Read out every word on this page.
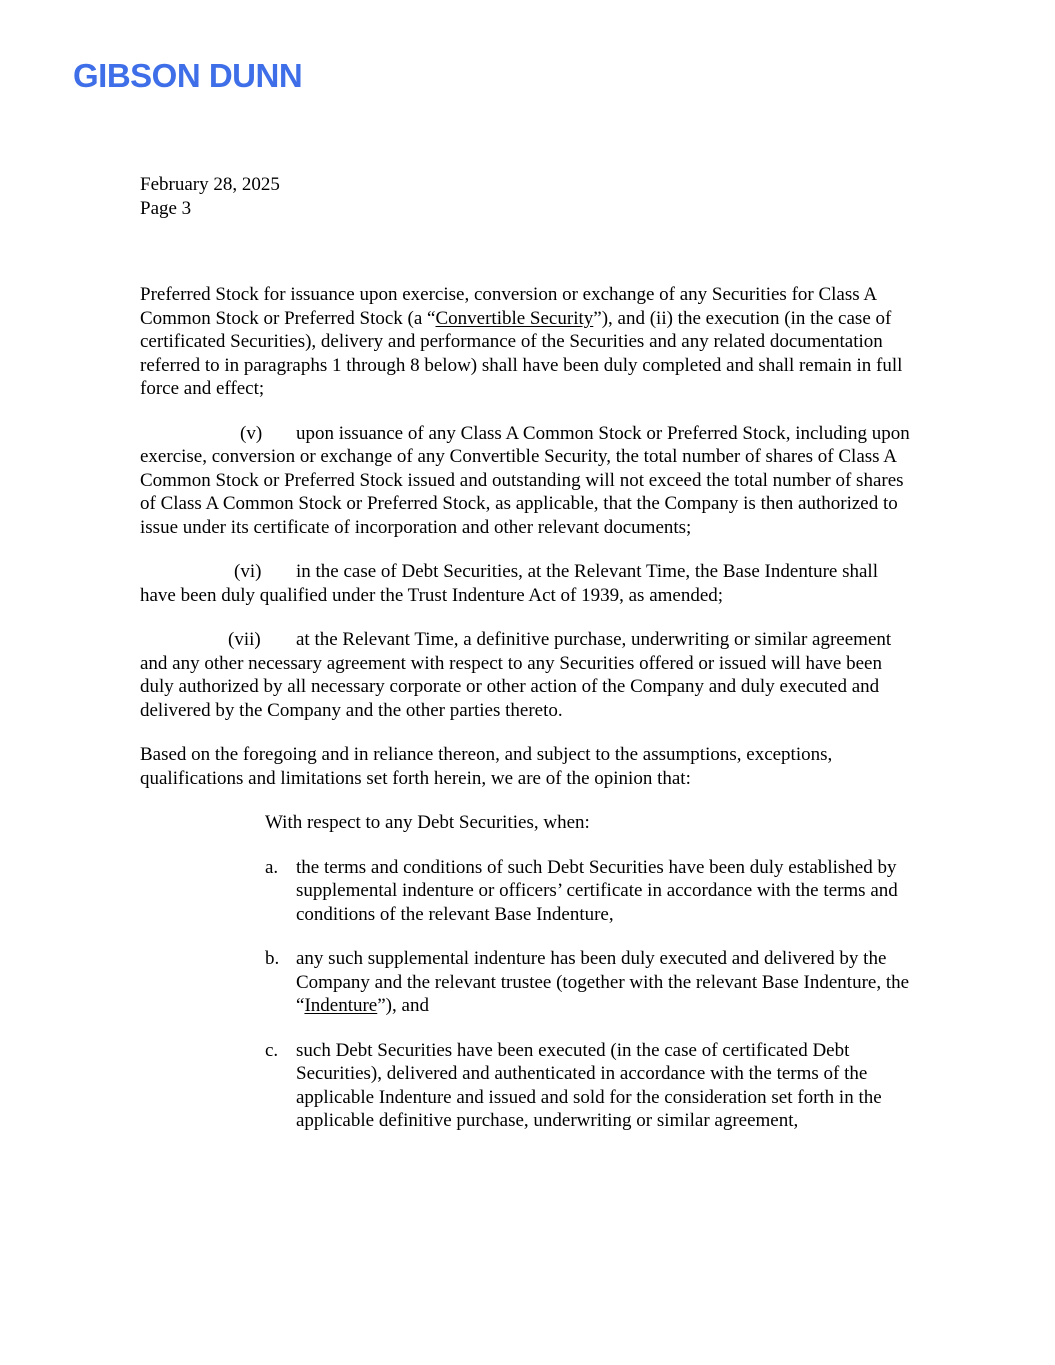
GIBSON DUNN
February 28, 2025
Page 3

Preferred Stock for issuance upon exercise, conversion or exchange of any Securities for Class A Common Stock or Preferred Stock (a “Convertible Security”), and (ii) the execution (in the case of certificated Securities), delivery and performance of the Securities and any related documentation referred to in paragraphs 1 through 8 below) shall have been duly completed and shall remain in full force and effect;

(v) upon issuance of any Class A Common Stock or Preferred Stock, including upon exercise, conversion or exchange of any Convertible Security, the total number of shares of Class A Common Stock or Preferred Stock issued and outstanding will not exceed the total number of shares of Class A Common Stock or Preferred Stock, as applicable, that the Company is then authorized to issue under its certificate of incorporation and other relevant documents;

(vi) in the case of Debt Securities, at the Relevant Time, the Base Indenture shall have been duly qualified under the Trust Indenture Act of 1939, as amended;

(vii) at the Relevant Time, a definitive purchase, underwriting or similar agreement and any other necessary agreement with respect to any Securities offered or issued will have been duly authorized by all necessary corporate or other action of the Company and duly executed and delivered by the Company and the other parties thereto.

Based on the foregoing and in reliance thereon, and subject to the assumptions, exceptions, qualifications and limitations set forth herein, we are of the opinion that:

With respect to any Debt Securities, when:
a. the terms and conditions of such Debt Securities have been duly established by supplemental indenture or officers’ certificate in accordance with the terms and conditions of the relevant Base Indenture,
b. any such supplemental indenture has been duly executed and delivered by the Company and the relevant trustee (together with the relevant Base Indenture, the “Indenture”), and
c. such Debt Securities have been executed (in the case of certificated Debt Securities), delivered and authenticated in accordance with the terms of the applicable Indenture and issued and sold for the consideration set forth in the applicable definitive purchase, underwriting or similar agreement,
